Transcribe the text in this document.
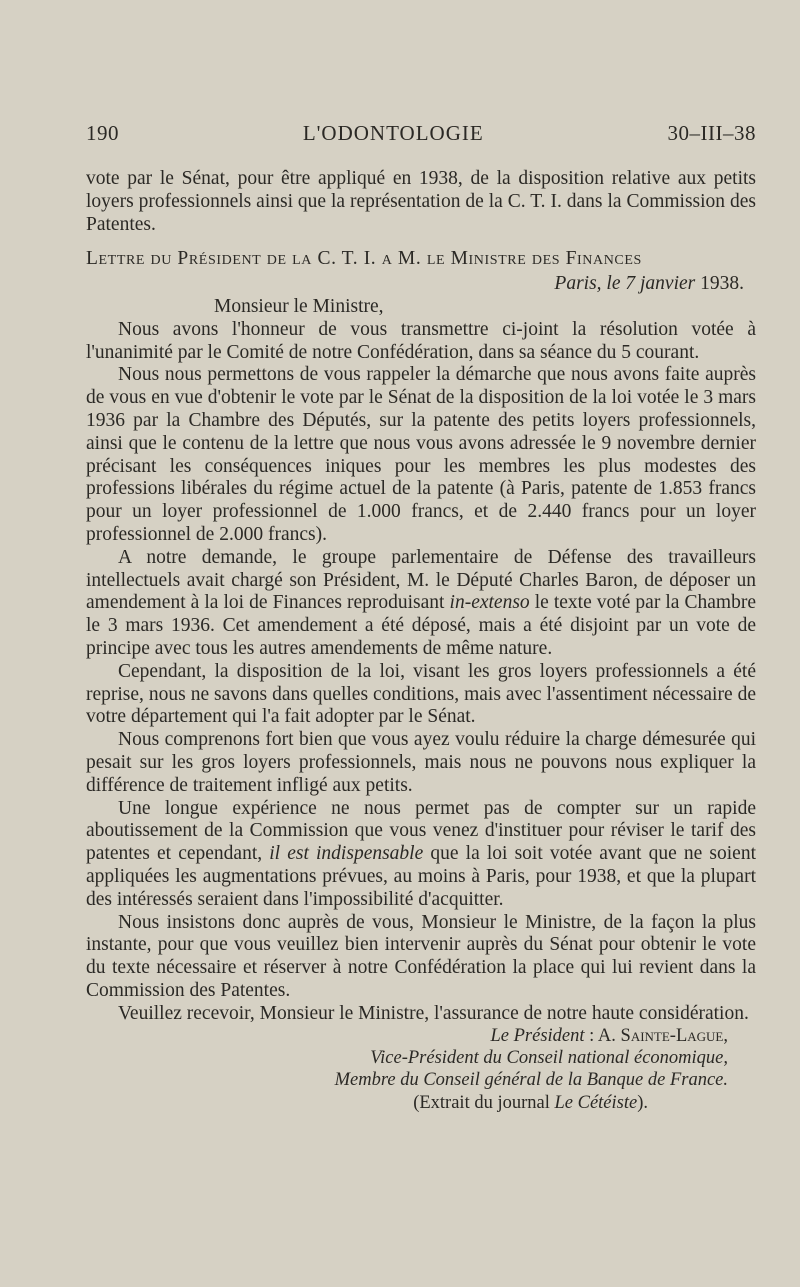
190	L'ODONTOLOGIE	30–III–38

vote par le Sénat, pour être appliqué en 1938, de la disposition relative aux petits loyers professionnels ainsi que la représentation de la C. T. I. dans la Commission des Patentes.

Lettre du Président de la C. T. I. a M. le Ministre des Finances

Paris, le 7 janvier 1938.

Monsieur le Ministre,

Nous avons l'honneur de vous transmettre ci-joint la résolution votée à l'unanimité par le Comité de notre Confédération, dans sa séance du 5 courant.

Nous nous permettons de vous rappeler la démarche que nous avons faite auprès de vous en vue d'obtenir le vote par le Sénat de la disposition de la loi votée le 3 mars 1936 par la Chambre des Députés, sur la patente des petits loyers professionnels, ainsi que le contenu de la lettre que nous vous avons adressée le 9 novembre dernier précisant les conséquences iniques pour les membres les plus modestes des professions libérales du régime actuel de la patente (à Paris, patente de 1.853 francs pour un loyer professionnel de 1.000 francs, et de 2.440 francs pour un loyer professionnel de 2.000 francs).

A notre demande, le groupe parlementaire de Défense des travailleurs intellectuels avait chargé son Président, M. le Député Charles Baron, de déposer un amendement à la loi de Finances reproduisant in-extenso le texte voté par la Chambre le 3 mars 1936. Cet amendement a été déposé, mais a été disjoint par un vote de principe avec tous les autres amendements de même nature.

Cependant, la disposition de la loi, visant les gros loyers professionnels a été reprise, nous ne savons dans quelles conditions, mais avec l'assentiment nécessaire de votre département qui l'a fait adopter par le Sénat.

Nous comprenons fort bien que vous ayez voulu réduire la charge démesurée qui pesait sur les gros loyers professionnels, mais nous ne pouvons nous expliquer la différence de traitement infligé aux petits.

Une longue expérience ne nous permet pas de compter sur un rapide aboutissement de la Commission que vous venez d'instituer pour réviser le tarif des patentes et cependant, il est indispensable que la loi soit votée avant que ne soient appliquées les augmentations prévues, au moins à Paris, pour 1938, et que la plupart des intéressés seraient dans l'impossibilité d'acquitter.

Nous insistons donc auprès de vous, Monsieur le Ministre, de la façon la plus instante, pour que vous veuillez bien intervenir auprès du Sénat pour obtenir le vote du texte nécessaire et réserver à notre Confédération la place qui lui revient dans la Commission des Patentes.

Veuillez recevoir, Monsieur le Ministre, l'assurance de notre haute considération.

Le Président : A. Sainte-Lague,
Vice-Président du Conseil national économique,
Membre du Conseil général de la Banque de France.
(Extrait du journal Le Cétéiste).
